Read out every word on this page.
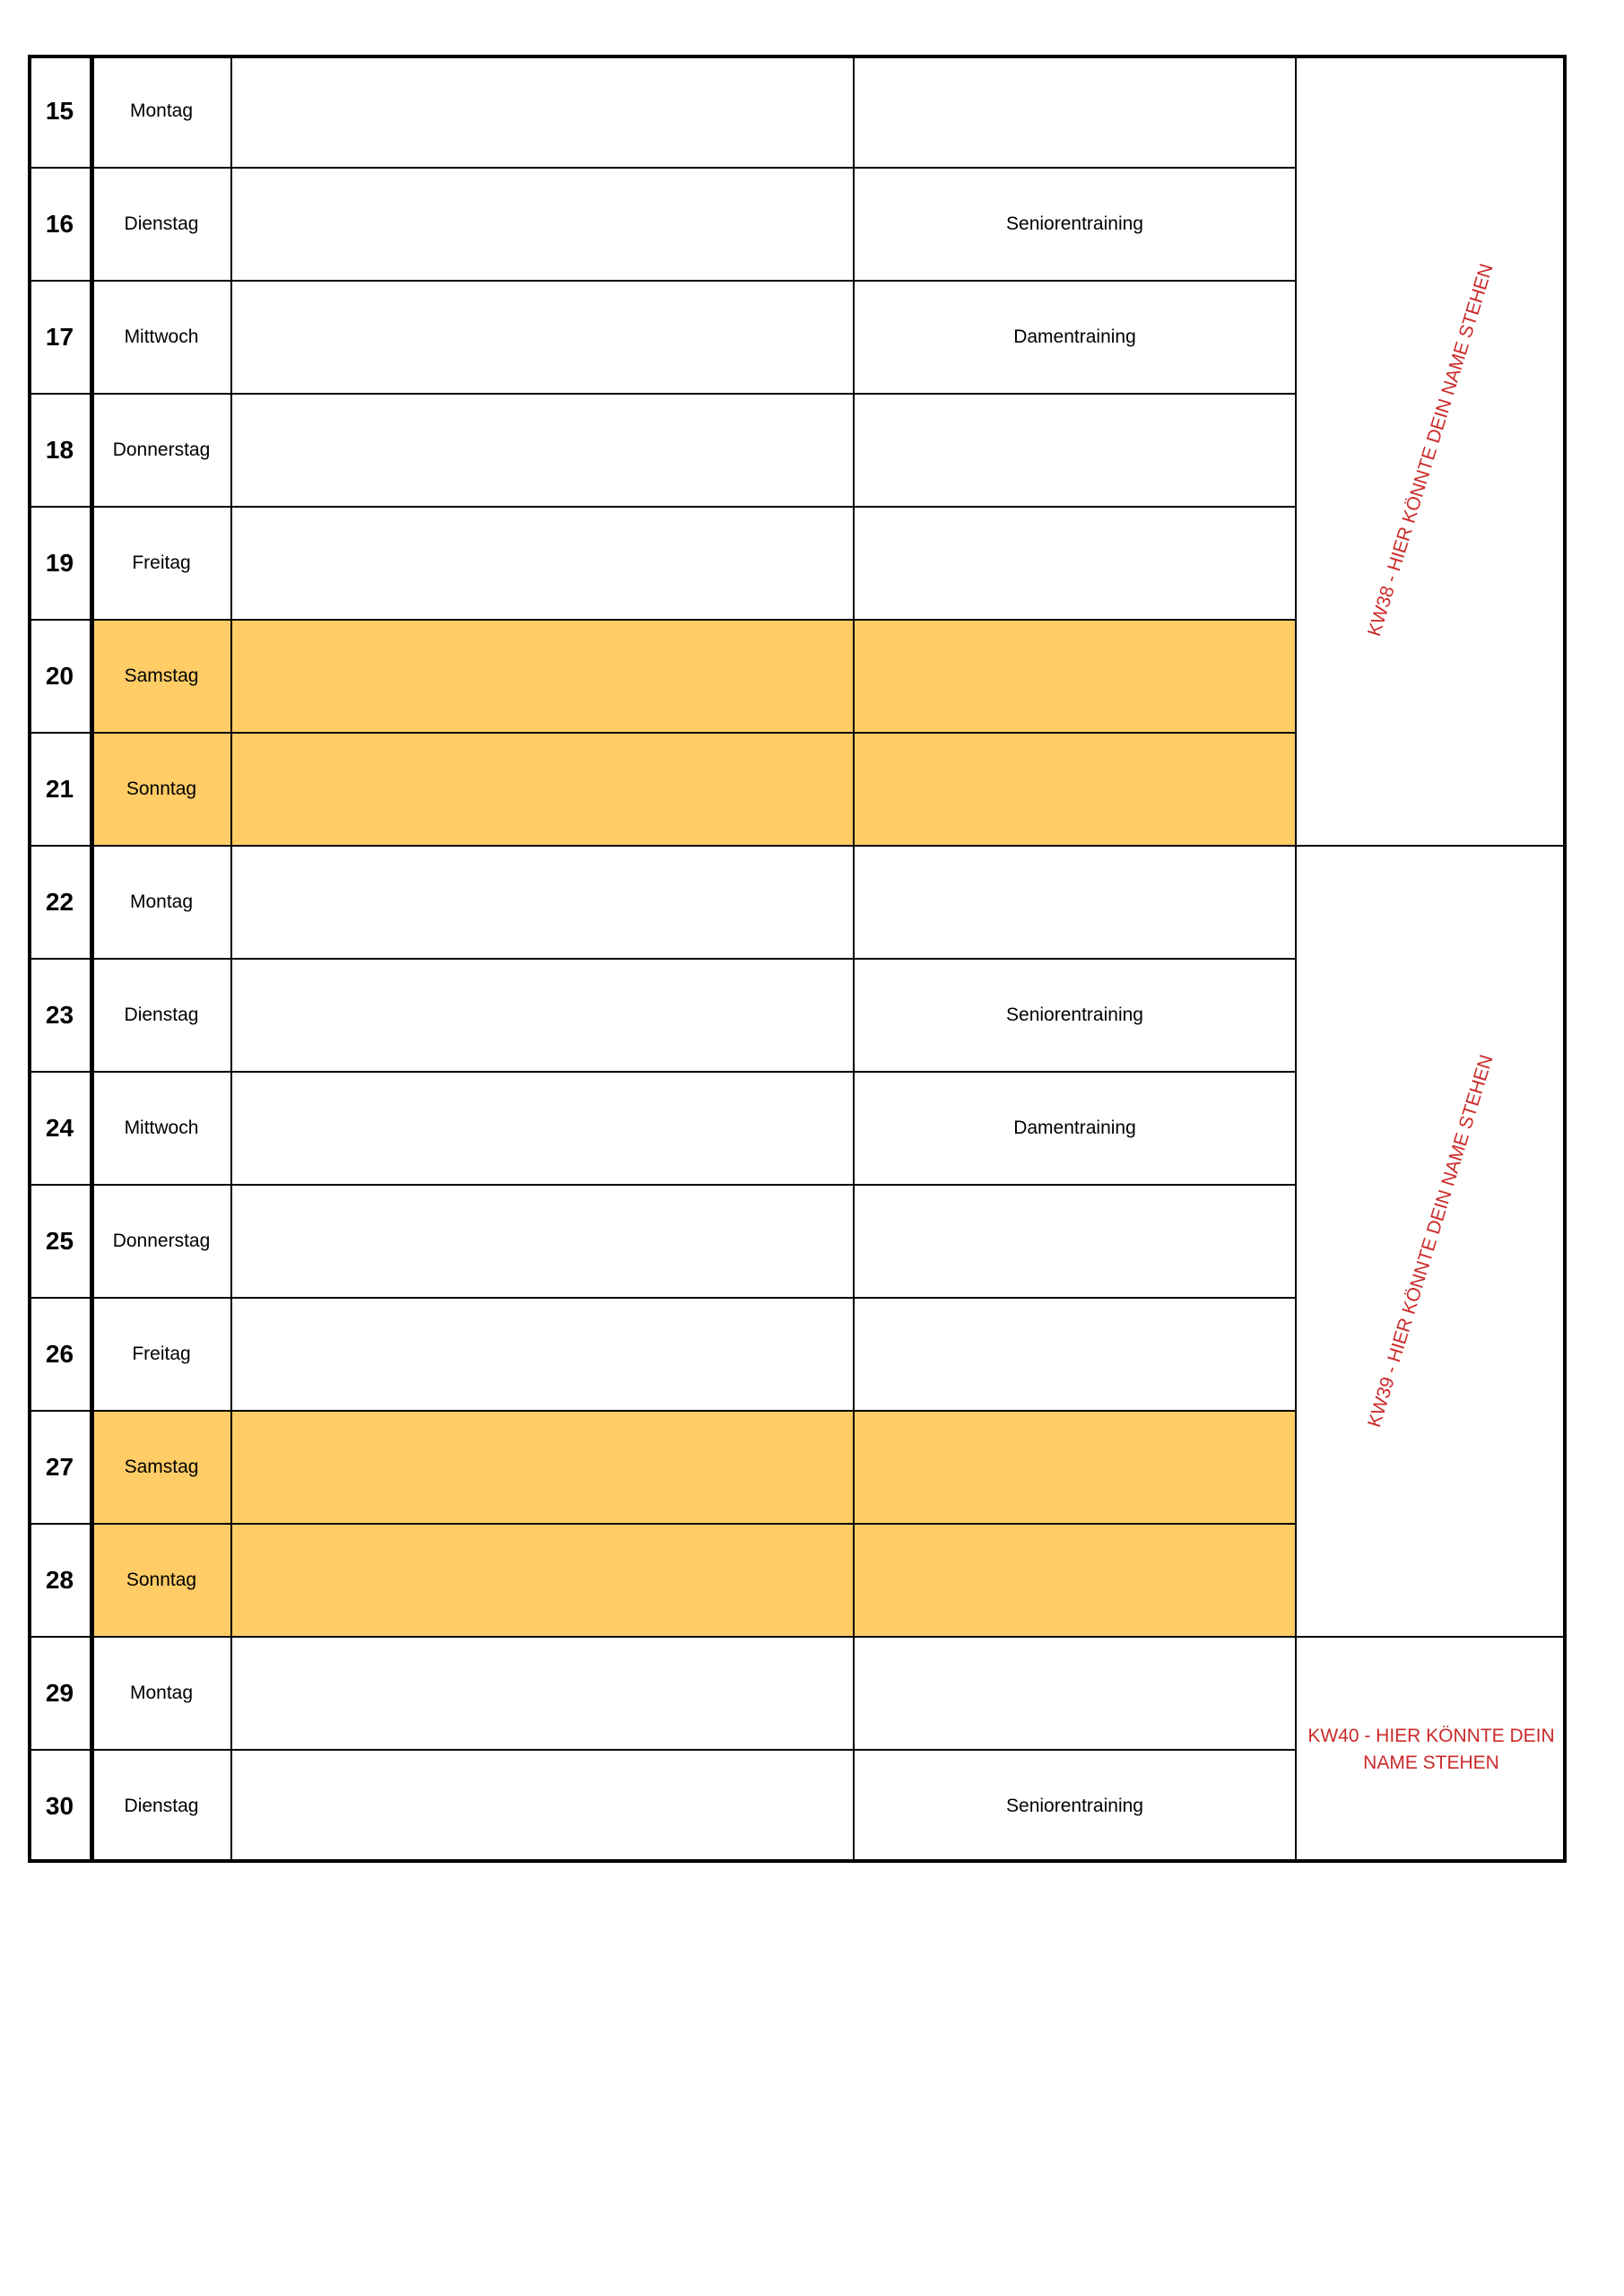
15	Montag
16	Dienstag	Seniorentraining
17	Mittwoch	Damentraining
18 Donnerstag
19	Freitag
20	Samstag
21	Sonntag
22	Montag
23	Dienstag	Seniorentraining
24	Mittwoch	Damentraining
25 Donnerstag
26	Freitag
27	Samstag
28	Sonntag
29	Montag
30	Dienstag	Seniorentraining
KW38 - HIER KÖNNTE DEIN NAME STEHEN
KW39 - HIER KÖNNTE DEIN NAME STEHEN
KW40 - HIER KÖNNTE DEIN NAME STEHEN
